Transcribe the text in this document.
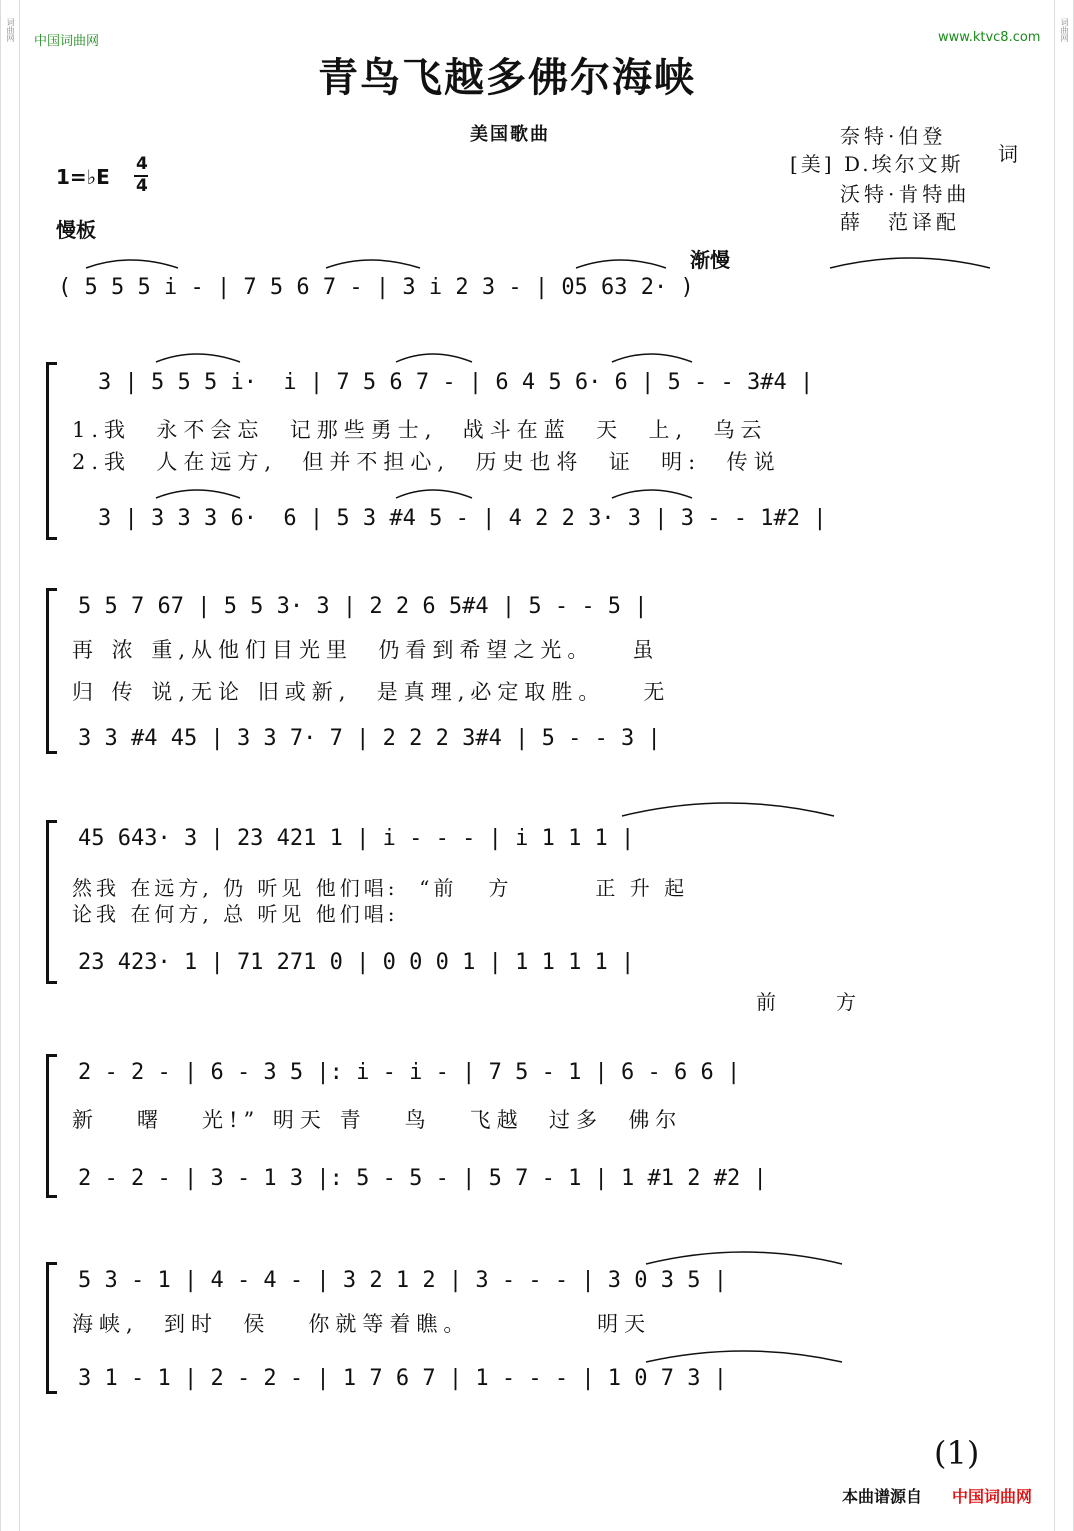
词曲网	词曲网
中国词曲网	www.ktvc8.com
青鸟飞越多佛尔海峡
美国歌曲	奈特·伯登
[美] D.埃尔文斯 词
沃特·肯特曲
薛　范译配
1=♭E
4
4
慢板
渐慢
( 5 5 5 i - | 7 5 6 7 - | 3 i 2 3 - | 05 63 2· )
3 | 5 5 5 i·  i | 7 5 6 7 - | 6 4 5 6· 6 | 5 - - 3#4 |
1.我  永不会忘  记那些勇士,  战斗在蓝  天  上,  乌云
2.我  人在远方,  但并不担心,  历史也将  证  明:  传说
3 | 3 3 3 6·  6 | 5 3 #4 5 - | 4 2 2 3· 3 | 3 - - 1#2 |
5 5 7 67 | 5 5 3· 3 | 2 2 6 5#4 | 5 - - 5 |
再 浓 重,从他们目光里  仍看到希望之光。   虽
归 传 说,无论 旧或新,  是真理,必定取胜。   无
3 3 #4 45 | 3 3 7· 7 | 2 2 2 3#4 | 5 - - 3 |
45 643· 3 | 23 421 1 | i - - - | i 1 1 1 |
然我 在远方, 仍 听见 他们唱:  “前   方        正 升 起
论我 在何方, 总 听见 他们唱:
23 423· 1 | 71 271 0 | 0 0 0 1 | 1 1 1 1 |
前　方
2 - 2 - | 6 - 3 5 |: i - i - | 7 5 - 1 | 6 - 6 6 |
新   曙   光!” 明天 青   鸟   飞越  过多  佛尔
2 - 2 - | 3 - 1 3 |: 5 - 5 - | 5 7 - 1 | 1 #1 2 #2 |
5 3 - 1 | 4 - 4 - | 3 2 1 2 | 3 - - - | 3 0 3 5 |
海峡,  到时  侯   你就等着瞧。          明天
3 1 - 1 | 2 - 2 - | 1 7 6 7 | 1 - - - | 1 0 7 3 |
(1)
本曲谱源自 中国词曲网
